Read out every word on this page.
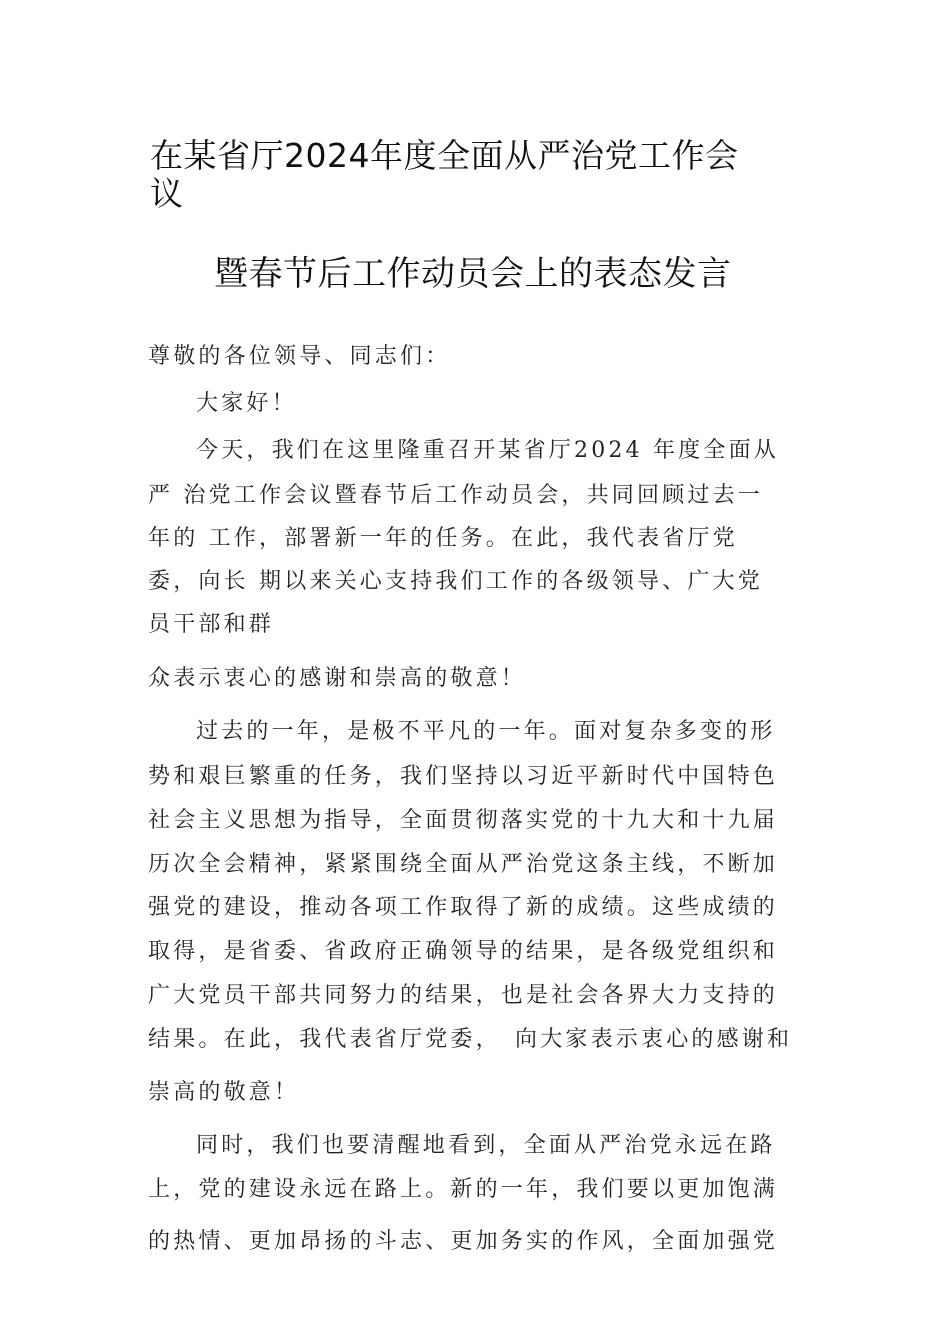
在某省厅2024年度全面从严治党工作会
议
暨春节后工作动员会上的表态发言

尊敬的各位领导、同志们：

大家好！

今天，我们在这里隆重召开某省厅2024 年度全面从

严 治党工作会议暨春节后工作动员会，共同回顾过去一

年的 工作，部署新一年的任务。在此，我代表省厅党

委，向长 期以来关心支持我们工作的各级领导、广大党

员干部和群

众表示衷心的感谢和崇高的敬意！

过去的一年，是极不平凡的一年。面对复杂多变的形

势和艰巨繁重的任务，我们坚持以习近平新时代中国特色

社会主义思想为指导，全面贯彻落实党的十九大和十九届

历次全会精神，紧紧围绕全面从严治党这条主线，不断加

强党的建设，推动各项工作取得了新的成绩。这些成绩的

取得，是省委、省政府正确领导的结果，是各级党组织和

广大党员干部共同努力的结果，也是社会各界大力支持的

结果。在此，我代表省厅党委，　向大家表示衷心的感谢和

崇高的敬意！

同时，我们也要清醒地看到，全面从严治党永远在路

上，党的建设永远在路上。新的一年，我们要以更加饱满

的热情、更加昂扬的斗志、更加务实的作风，全面加强党
